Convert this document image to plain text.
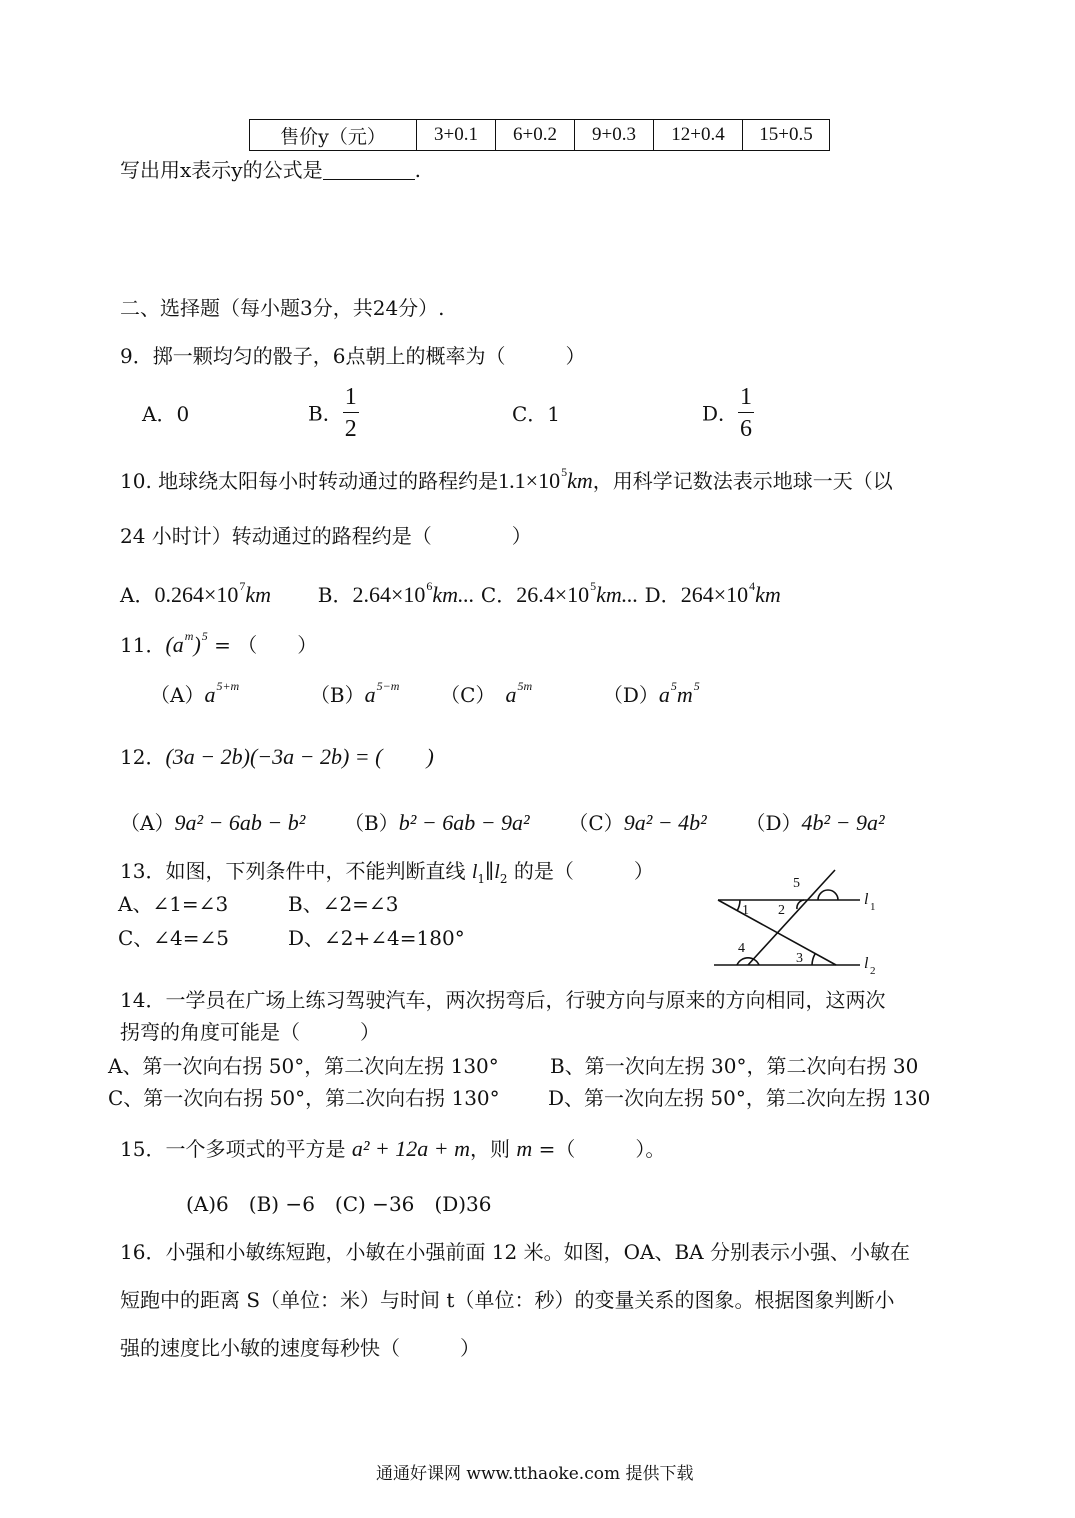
售价y（元）	3+0.1	6+0.2	9+0.3	12+0.4	15+0.5
写出用x表示y的公式是	.
二、选择题（每小题3分，共24分）.
9．掷一颗均匀的骰子，6点朝上的概率为（　　　）
A．0	B． $\frac{1}{2}$	C．1	D． $\frac{1}{6}$
10. 地球绕太阳每小时转动通过的路程约是$1.1\times 10^5km$，用科学记数法表示地球一天（以
24 小时计）转动通过的路程约是（　　　　）
A．$0.264\times 10^7km$ B．$2.64\times 10^6km$... C．$26.4\times 10^5km$... D．$264\times 10^4km$
11．$(a^m)^5$ = （　　）
$(A)a^{5+m}$	$(B)a^{5-m}$ （C） $a^{5m}$	$(D)a^5m^5$
12．(3a − 2b)(−3a − 2b) = (　　)
（A）9a² − 6ab − b² （B）b² − 6ab − 9a² （C）9a² − 4b² （D）4b² − 9a²
13．如图，下列条件中，不能判断直线 $l_1\parallel l_2$ 的是（　　　）
A、∠1=∠3	B、∠2=∠3
C、∠4=∠5	D、∠2+∠4=180°
1 2
3
4
5
l 1
l 2
14．一学员在广场上练习驾驶汽车，两次拐弯后，行驶方向与原来的方向相同，这两次
拐弯的角度可能是（　　　）
A、第一次向右拐 50°，第二次向左拐 130°	B、第一次向左拐 30°，第二次向右拐 30
C、第一次向右拐 50°，第二次向右拐 130° D、第一次向左拐 50°，第二次向左拐 130
15．一个多项式的平方是 a² + 12a + m，则 m =（　　　）。
(A)6　(B) −6　(C) −36　(D)36
16．小强和小敏练短跑，小敏在小强前面 12 米。如图，OA、BA 分别表示小强、小敏在
短跑中的距离 S（单位：米）与时间 t（单位：秒）的变量关系的图象。根据图象判断小
强的速度比小敏的速度每秒快（　　　）
通通好课网 www.tthaoke.com 提供下载
